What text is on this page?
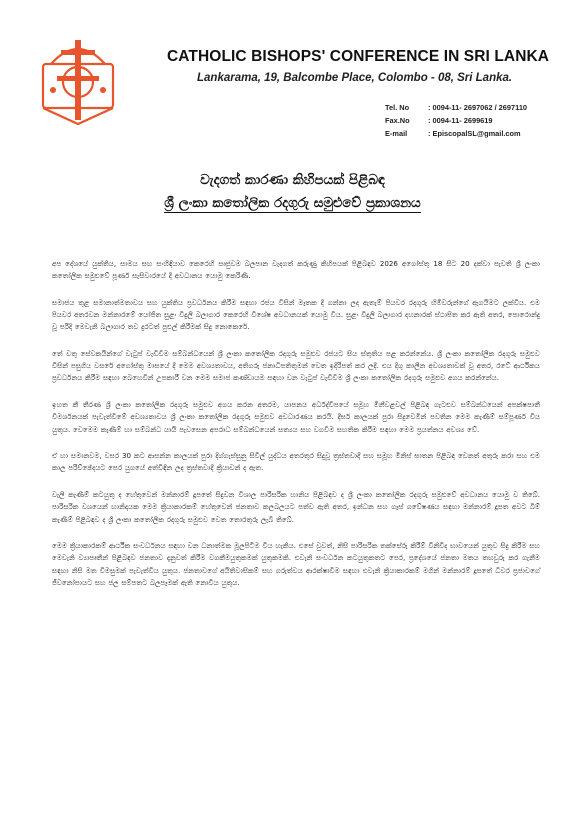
CATHOLIC BISHOPS' CONFERENCE IN SRI LANKA
Lankarama, 19, Balcombe Place, Colombo - 08, Sri Lanka.
Tel. No	: 0094-11- 2697062 / 2697110
Fax.No	: 0094-11- 2699619
E-mail	: EpiscopalSL@gmail.com
වැදගත් කාරණා කිහිපයක් පිළිබඳ
ශ්‍රී ලංකා කතෝලික රදගුරු සමුළුවේ ප්‍රකාශනය

අප දේශයේ යුක්තිය, සාමය සහ සංහිඳියාව කෙරෙහි සෘජුවම බලපාන වැදගත් කරුණු කිහිපයක් පිළිබඳව 2026 අගෝස්තු 18 සිට 20 දක්වා පැවති ශ්‍රී ලංකා කතෝලික සමුළුවේ පූර්ණ සැසිවාරයේ දී අවධානය යොමු කෙරිණි.

සමාජය තුළ සමානාත්මතාවය සහ යුක්තිය ප්‍රවර්ධනය කිරීම සඳහා රජය විසින් මෑතක දී ගන්නා ලද ඇතැම් පියවර රදගුරු හිමිවරුන්ගේ ඇගයීමට ලක්විය. එම පියවර අතරවන මන්නාරමේ යෝජිත සුළං විදුලි බලාගාර කෙරෙහි විශේෂ අවධානයක් යොමු විය. සුළං විදුලි බලාගාර දහනාරක් ස්ථාපිත කර ඇති අතර, පොරොන්දු වූ පරිදි මෙවැනි බලාගාර තව දුරටත් පුළුල් කිරීමක් සිදු නොකෙරේ.

තේ වතු සේවකයින්ගේ වැටුප් වැඩිවීම සම්බන්ධයෙන් ශ්‍රී ලංකා කතෝලික රදගුරු සමුළුව රජයට සිය ස්තුතිය පළ කරන්නේය. ශ්‍රී ලංකා කතෝලික රදගුරු සමුළුව විසින් පසුගිය වසරේ අගෝස්තු මාසයේ දී මෙම අවශ්‍යතාවය, අතිගරු ජනාධිපතිතුමන් වෙත ඉදිරිපත් කර ලදී. එය දිගු කාලීන අවශ්‍යතාවක් වූ අතර, රටේ ආර්ථිකය ප්‍රවර්ධනය කිරීම සඳහා බෙහෙවින් උපකාරී වන මෙම සමාජ කණ්ඩායම සඳහා වන වැටුප් වැඩිවීම ශ්‍රී ලංකා කතෝලික රදගුරු සමුළුව අගය කරන්නේය.

ඉහත කී තීරණ ශ්‍රී ලංකා කතෝලික රදගුරු සමුළුව අගය කරන අතරම, යාපනය අර්ධද්වීපයේ සමූහ මිනීවළවල් පිළිබඳ ගැටළුව සම්බන්ධයෙන් අපක්ෂපාතී විමර්ශනයක් පැවැත්වීමේ අවශ්‍යතාවය ශ්‍රී ලංකා කතෝලික රදගුරු සමුළුව අවධාරණය කරයි. දීර්ඝ කාලයක් පුරා සිදුවෙමින් පවතින මෙම කැණීම් සම්පූර්ණ විය යුතුය. වෙමෙම කැණීම් හා සම්බන්ධ යායි පැවසෙන අපරාධ සම්බන්ධයෙන් සත්‍යය සහ වගවීම සහතික කිරීම සඳහා මෙම ප්‍රයත්නය අවශ්‍ය වේ.

ඒ හා සමානවම, වසර 30 කට ආසන්න කාලයක් පුරා දිග්ගැස්සුනු සිවිල් යුද්ධය අතරතුර සිදුවූ ත්‍රස්තවාදී සහ සමූහ මිනිස් ඝාතන පිළිබඳ වෙනත් අතුරු කරා සහ එම කාල පරිච්ඡේදයට පෙර යුගයේ අත්විඳින ලද ත්‍රස්තවාදී ක්‍රියාවන් ද ඇත.

වැලි කැණීම් කටයුතු ද හේතුවෙන් මන්නාරම් දූපතේ සිදුවන විශාල පාරිසරික හානිය පිළිබඳව ද ශ්‍රී ලංකා කතෝලික රදගුරු සමුළුවේ අවධානය යොමු ව තිබේ. පාරිසරික වශයෙන් හානිදායක මෙම ක්‍රියාකාරකම් හේතුවෙන් ජනතාව කලබලයට පත්ව ඇති අතර, ඉන්ධන සහ ගෑස් ගවේෂණය සඳහා මන්නාරම් දූපත අවට බිම් කැණීම් පිළිබඳව ද ශ්‍රී ලංකා කතෝලික රදගුරු සමුළුව වෙත තොරතුරු ලැබී තිබේ.

මෙම ක්‍රියාකාරකම් ආර්ථික සංවර්ධනය සඳහා වන ධනාත්මක මූලපිටිම විය හැකිය. එසේ වුවත්, නිසි පාරිසරික තක්සේරු කිරීම් විනිවිද භාවයෙන් යුතුව සිදු කිරීම සහ මෙවැනි ව්‍යාපෘතීන් පිළිබඳව ජනතාව දැනුවත් කිරීම වගකීමයුතුකමක් යුතුකමකි. එවැනි සංවර්ධන කටයුතුකතට පෙර, ප්‍රදේශයේ ජනතා මතය තහවුරු කර ගැනීම සඳහා නිසි මත විමසුමක් පැවැත්විය යුතුය. ජනතාවගේ අයිතිවාසිකම් සහ ගරුත්වය ආරක්ෂාවීම සඳහා එවැනි ක්‍රියාකාරකම් මගින් මන්නාරම් දූපතේ ධීවර ප්‍රජාවගේ ජීවනෝපායට සහ ජල සම්පතට බලපෑමක් ඇති නොවිය යුතුය.
